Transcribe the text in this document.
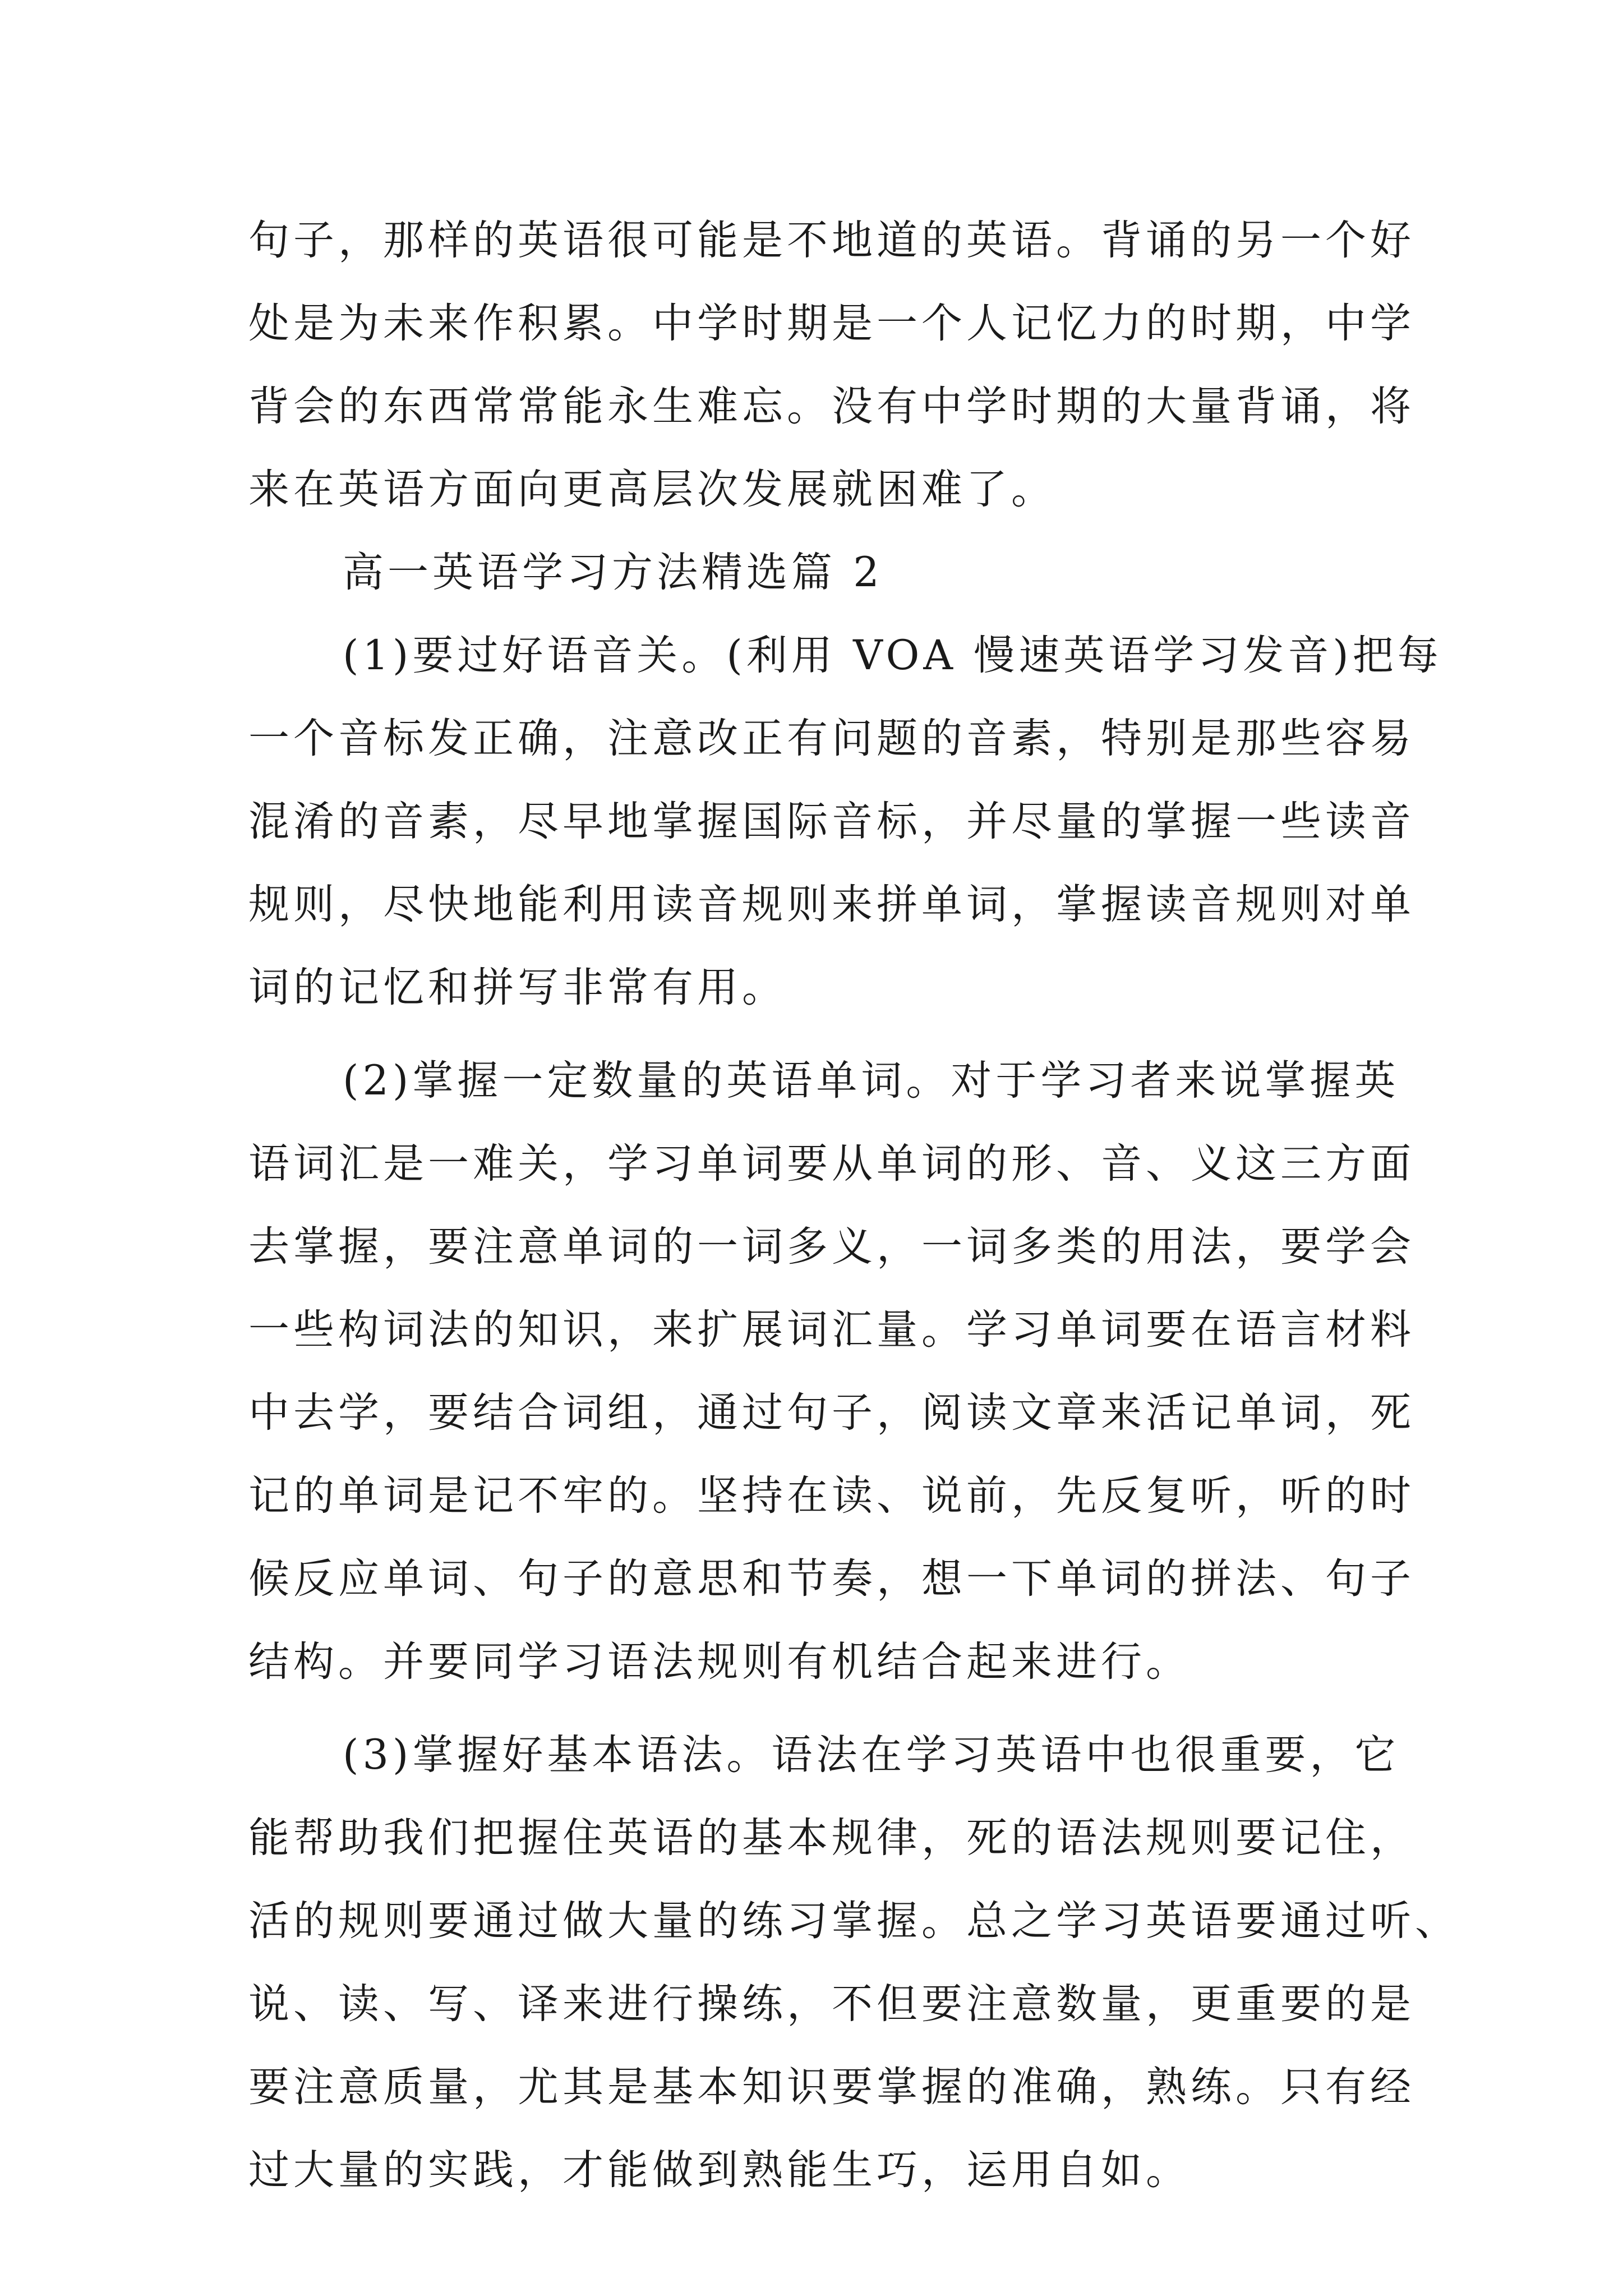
句子，那样的英语很可能是不地道的英语。背诵的另一个好
处是为未来作积累。中学时期是一个人记忆力的时期，中学
背会的东西常常能永生难忘。没有中学时期的大量背诵，将
来在英语方面向更高层次发展就困难了。
高一英语学习方法精选篇 2
(1)要过好语音关。(利用 VOA 慢速英语学习发音)把每
一个音标发正确，注意改正有问题的音素，特别是那些容易
混淆的音素，尽早地掌握国际音标，并尽量的掌握一些读音
规则，尽快地能利用读音规则来拼单词，掌握读音规则对单
词的记忆和拼写非常有用。
(2)掌握一定数量的英语单词。对于学习者来说掌握英
语词汇是一难关，学习单词要从单词的形、音、义这三方面
去掌握，要注意单词的一词多义，一词多类的用法，要学会
一些构词法的知识，来扩展词汇量。学习单词要在语言材料
中去学，要结合词组，通过句子，阅读文章来活记单词，死
记的单词是记不牢的。坚持在读、说前，先反复听，听的时
候反应单词、句子的意思和节奏，想一下单词的拼法、句子
结构。并要同学习语法规则有机结合起来进行。
(3)掌握好基本语法。语法在学习英语中也很重要，它
能帮助我们把握住英语的基本规律，死的语法规则要记住，
活的规则要通过做大量的练习掌握。总之学习英语要通过听、
说、读、写、译来进行操练，不但要注意数量，更重要的是
要注意质量，尤其是基本知识要掌握的准确，熟练。只有经
过大量的实践，才能做到熟能生巧，运用自如。
